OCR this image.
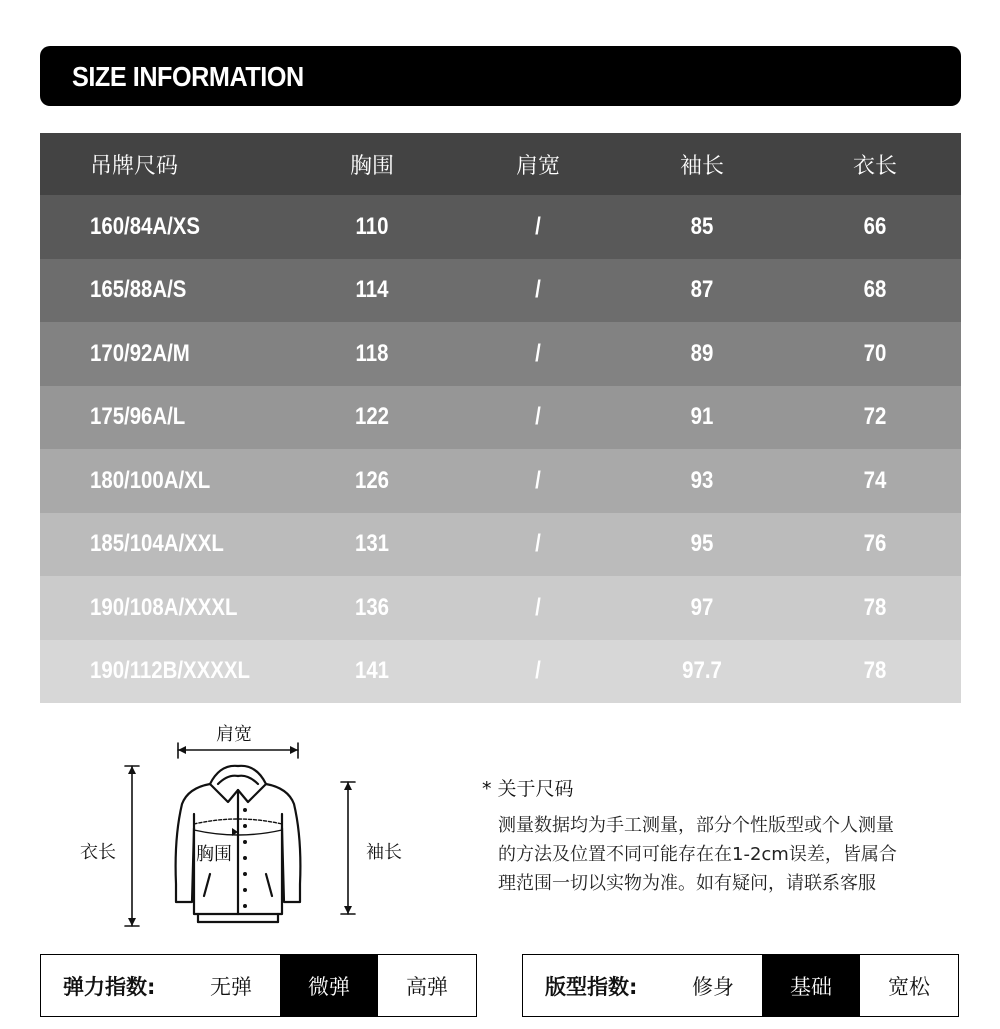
SIZE INFORMATION
吊牌尺码	胸围	肩宽	袖长	衣长
160/84A/XS	110	/	85	66
165/88A/S	114	/	87	68
170/92A/M	118	/	89	70
175/96A/L	122	/	91	72
180/100A/XL	126	/	93	74
185/104A/XXL	131	/	95	76
190/108A/XXXL	136	/	97	78
190/112B/XXXXL	141	/	97.7	78
肩宽
衣长	胸围	袖长
* 关于尺码
测量数据均为手工测量，部分个性版型或个人测量
的方法及位置不同可能存在在1-2cm误差，皆属合
理范围一切以实物为准。如有疑问，请联系客服
弹力指数:	无弹	微弹	高弹	版型指数:	修身	基础	宽松
